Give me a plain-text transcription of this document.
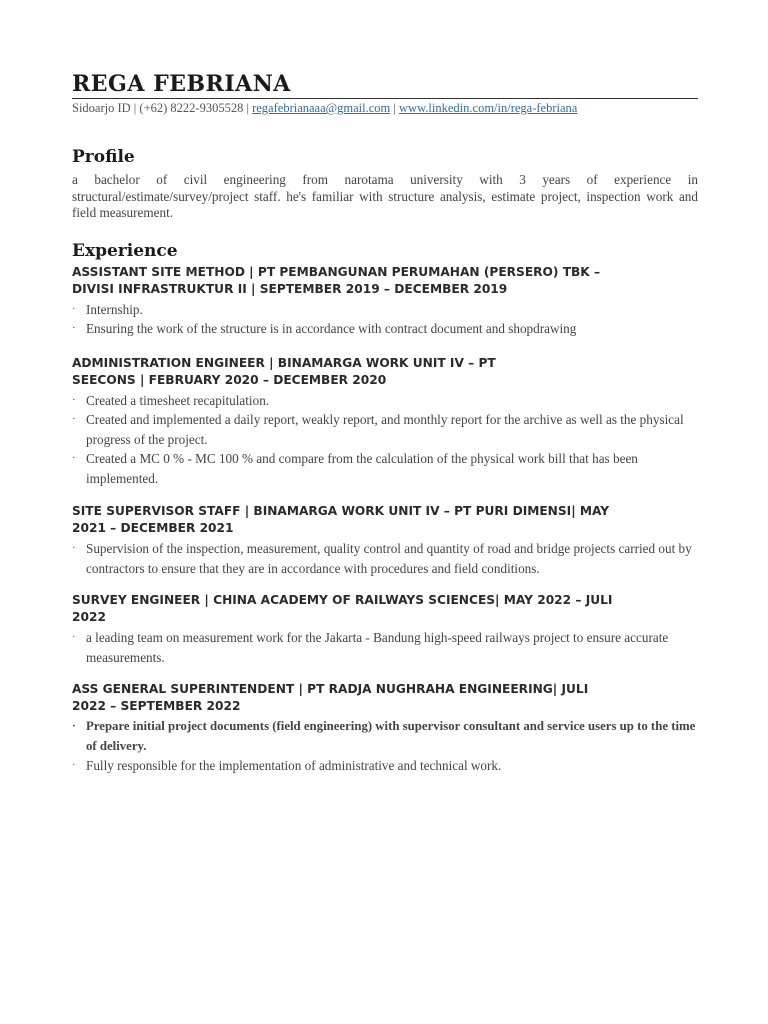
REGA FEBRIANA
Sidoarjo ID | (+62) 8222-9305528 | regafebrianaaa@gmail.com | www.linkedin.com/in/rega-febriana
Profile
a bachelor of civil engineering from narotama university with 3 years of experience in structural/estimate/survey/project staff. he's familiar with structure analysis, estimate project, inspection work and field measurement.
Experience
ASSISTANT SITE METHOD | PT PEMBANGUNAN PERUMAHAN (PERSERO) TBK –
DIVISI INFRASTRUKTUR II | SEPTEMBER 2019 – DECEMBER 2019
· Internship.
· Ensuring the work of the structure is in accordance with contract document and shopdrawing
ADMINISTRATION ENGINEER | BINAMARGA WORK UNIT IV – PT
SEECONS | FEBRUARY 2020 – DECEMBER 2020
· Created a timesheet recapitulation.
· Created and implemented a daily report, weakly report, and monthly report for the archive as well as the physical progress of the project.
· Created a MC 0 % - MC 100 % and compare from the calculation of the physical work bill that has been implemented.
SITE SUPERVISOR STAFF | BINAMARGA WORK UNIT IV – PT PURI DIMENSI| MAY
2021 – DECEMBER 2021
· Supervision of the inspection, measurement, quality control and quantity of road and bridge projects carried out by contractors to ensure that they are in accordance with procedures and field conditions.
SURVEY ENGINEER | CHINA ACADEMY OF RAILWAYS SCIENCES| MAY 2022 – JULI
2022
· a leading team on measurement work for the Jakarta - Bandung high-speed railways project to ensure accurate measurements.
ASS GENERAL SUPERINTENDENT | PT RADJA NUGHRAHA ENGINEERING| JULI
2022 – SEPTEMBER 2022
· Prepare initial project documents (field engineering) with supervisor consultant and service users up to the time of delivery.
· Fully responsible for the implementation of administrative and technical work.
